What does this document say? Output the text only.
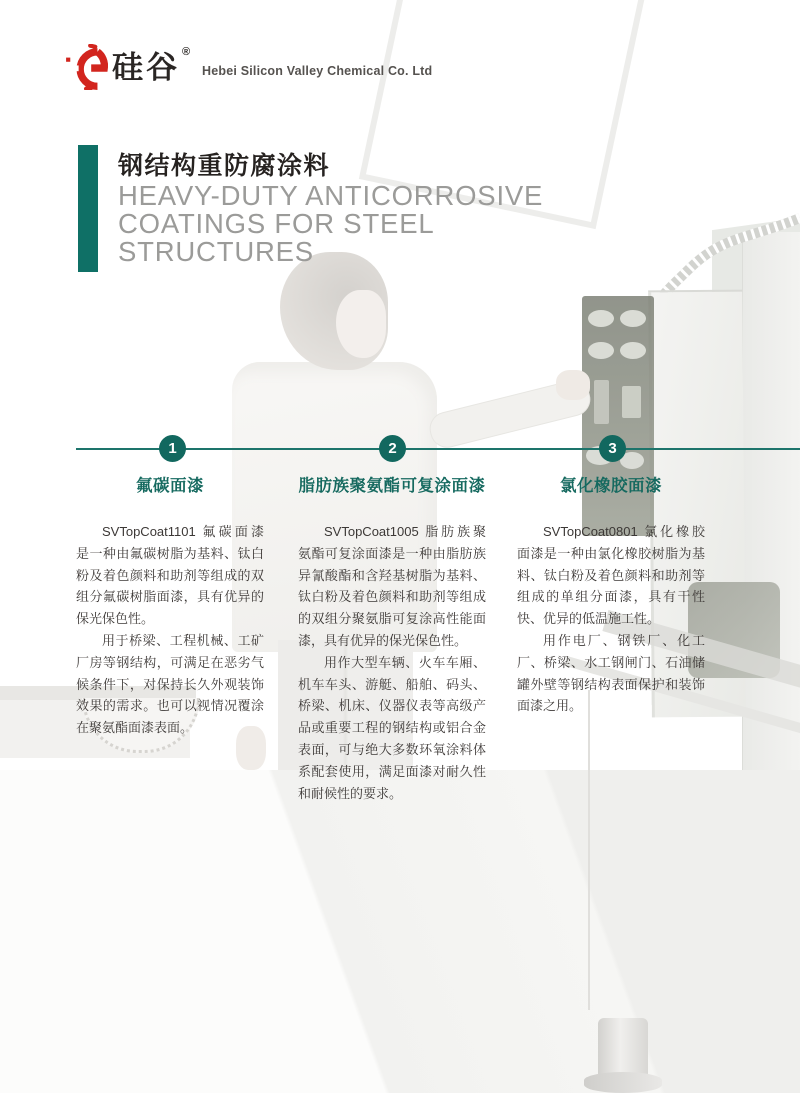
硅谷 ®
Hebei Silicon Valley Chemical Co. Ltd
钢结构重防腐涂料
HEAVY-DUTY ANTICORROSIVE
COATINGS FOR STEEL
STRUCTURES
1	2	3
氟碳面漆

SVTopCoat1101 氟碳面漆是一种由氟碳树脂为基料、钛白粉及着色颜料和助剂等组成的双组分氟碳树脂面漆，具有优异的保光保色性。

用于桥梁、工程机械、工矿厂房等钢结构，可满足在恶劣气候条件下，对保持长久外观装饰效果的需求。也可以视情况覆涂在聚氨酯面漆表面。

脂肪族聚氨酯可复涂面漆

SVTopCoat1005 脂肪族聚氨酯可复涂面漆是一种由脂肪族异氰酸酯和含羟基树脂为基料、钛白粉及着色颜料和助剂等组成的双组分聚氨脂可复涂高性能面漆，具有优异的保光保色性。

用作大型车辆、火车车厢、机车车头、游艇、船舶、码头、桥梁、机床、仪器仪表等高级产品或重要工程的钢结构或铝合金表面，可与绝大多数环氧涂料体系配套使用，满足面漆对耐久性和耐候性的要求。

氯化橡胶面漆

SVTopCoat0801 氯化橡胶面漆是一种由氯化橡胶树脂为基料、钛白粉及着色颜料和助剂等组成的单组分面漆，具有干性快、优异的低温施工性。

用作电厂、钢铁厂、化工厂、桥梁、水工钢闸门、石油储罐外壁等钢结构表面保护和装饰面漆之用。
